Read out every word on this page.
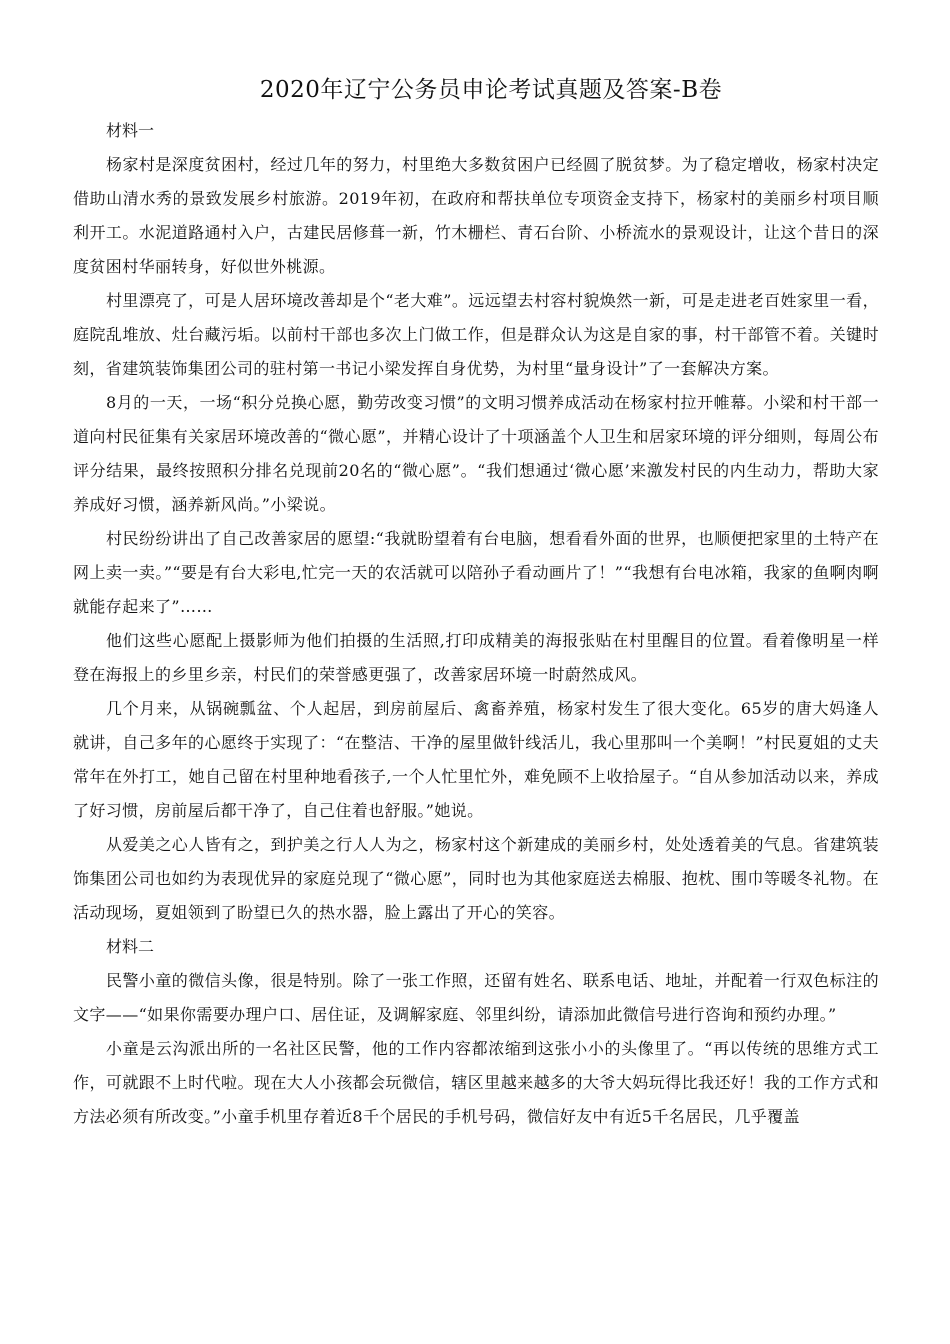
2020年辽宁公务员申论考试真题及答案-B卷

材料一

杨家村是深度贫困村，经过几年的努力，村里绝大多数贫困户已经圆了脱贫梦。为了稳定增收，杨家村决定借助山清水秀的景致发展乡村旅游。2019年初，在政府和帮扶单位专项资金支持下，杨家村的美丽乡村项目顺利开工。水泥道路通村入户，古建民居修葺一新，竹木栅栏、青石台阶、小桥流水的景观设计，让这个昔日的深度贫困村华丽转身，好似世外桃源。

村里漂亮了，可是人居环境改善却是个“老大难”。远远望去村容村貌焕然一新，可是走进老百姓家里一看，庭院乱堆放、灶台藏污垢。以前村干部也多次上门做工作，但是群众认为这是自家的事，村干部管不着。关键时刻，省建筑装饰集团公司的驻村第一书记小梁发挥自身优势，为村里“量身设计”了一套解决方案。

8月的一天，一场“积分兑换心愿，勤劳改变习惯”的文明习惯养成活动在杨家村拉开帷幕。小梁和村干部一道向村民征集有关家居环境改善的“微心愿”，并精心设计了十项涵盖个人卫生和居家环境的评分细则，每周公布评分结果，最终按照积分排名兑现前20名的“微心愿”。“我们想通过‘微心愿’来激发村民的内生动力，帮助大家养成好习惯，涵养新风尚。”小梁说。

村民纷纷讲出了自己改善家居的愿望:“我就盼望着有台电脑，想看看外面的世界，也顺便把家里的土特产在网上卖一卖。”“要是有台大彩电,忙完一天的农活就可以陪孙子看动画片了！”“我想有台电冰箱，我家的鱼啊肉啊就能存起来了”……

他们这些心愿配上摄影师为他们拍摄的生活照,打印成精美的海报张贴在村里醒目的位置。看着像明星一样登在海报上的乡里乡亲，村民们的荣誉感更强了，改善家居环境一时蔚然成风。

几个月来，从锅碗瓢盆、个人起居，到房前屋后、禽畜养殖，杨家村发生了很大变化。65岁的唐大妈逢人就讲，自己多年的心愿终于实现了：“在整洁、干净的屋里做针线活儿，我心里那叫一个美啊！”村民夏姐的丈夫常年在外打工，她自己留在村里种地看孩子,一个人忙里忙外，难免顾不上收拾屋子。“自从参加活动以来，养成了好习惯，房前屋后都干净了，自己住着也舒服。”她说。

从爱美之心人皆有之，到护美之行人人为之，杨家村这个新建成的美丽乡村，处处透着美的气息。省建筑装饰集团公司也如约为表现优异的家庭兑现了“微心愿”，同时也为其他家庭送去棉服、抱枕、围巾等暖冬礼物。在活动现场，夏姐领到了盼望已久的热水器，脸上露出了开心的笑容。

材料二

民警小童的微信头像，很是特别。除了一张工作照，还留有姓名、联系电话、地址，并配着一行双色标注的文字——“如果你需要办理户口、居住证，及调解家庭、邻里纠纷，请添加此微信号进行咨询和预约办理。”

小童是云沟派出所的一名社区民警，他的工作内容都浓缩到这张小小的头像里了。“再以传统的思维方式工作，可就跟不上时代啦。现在大人小孩都会玩微信，辖区里越来越多的大爷大妈玩得比我还好！我的工作方式和方法必须有所改变。”小童手机里存着近8千个居民的手机号码，微信好友中有近5千名居民，几乎覆盖
